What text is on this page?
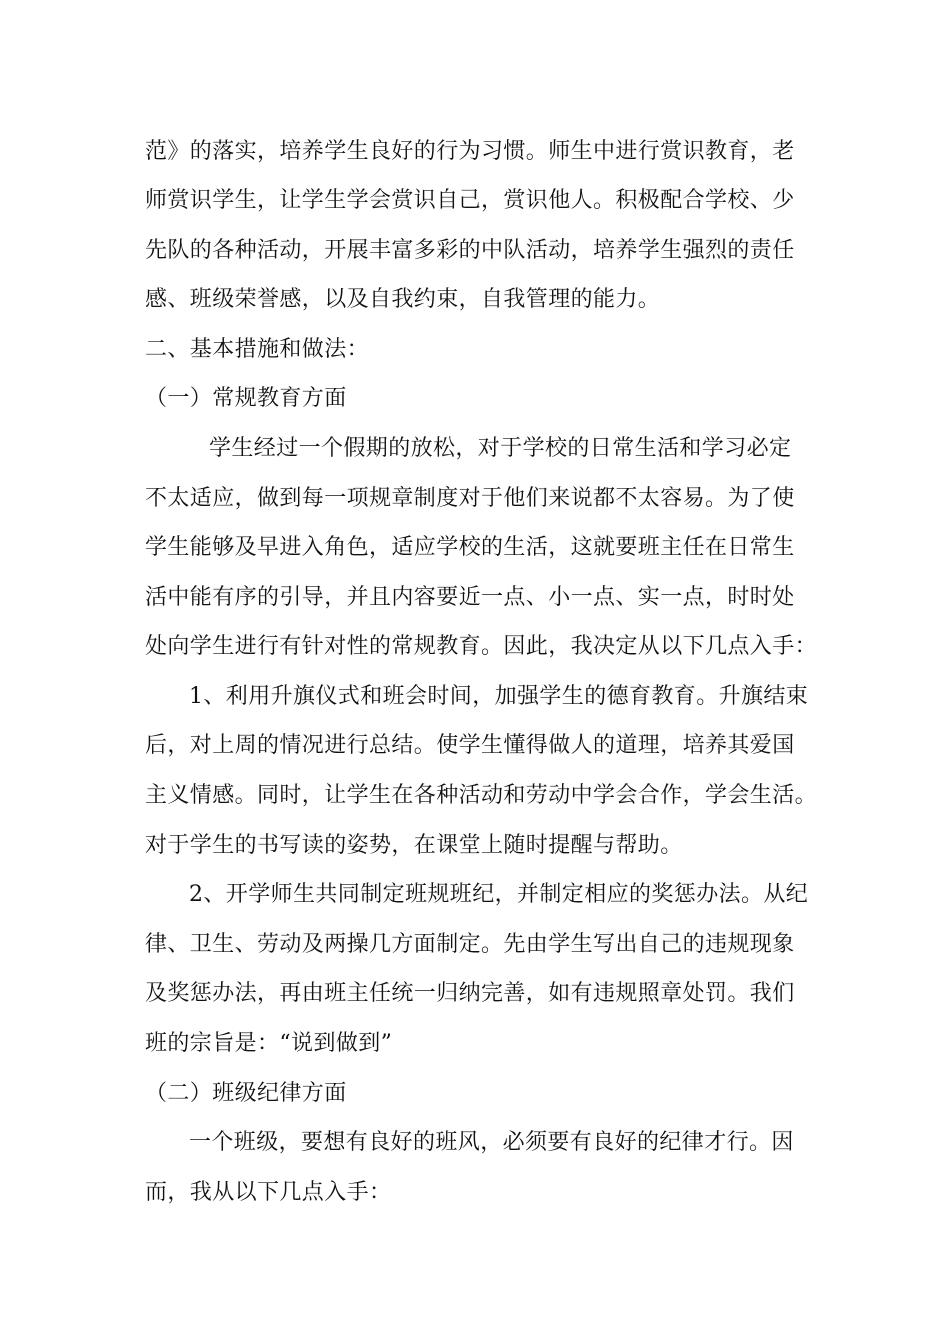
范》的落实，培养学生良好的行为习惯。师生中进行赏识教育，老
师赏识学生，让学生学会赏识自己，赏识他人。积极配合学校、少
先队的各种活动，开展丰富多彩的中队活动，培养学生强烈的责任
感、班级荣誉感，以及自我约束，自我管理的能力。
二、基本措施和做法：
（一）常规教育方面
学生经过一个假期的放松，对于学校的日常生活和学习必定
不太适应，做到每一项规章制度对于他们来说都不太容易。为了使
学生能够及早进入角色，适应学校的生活，这就要班主任在日常生
活中能有序的引导，并且内容要近一点、小一点、实一点，时时处
处向学生进行有针对性的常规教育。因此，我决定从以下几点入手：
1、利用升旗仪式和班会时间，加强学生的德育教育。升旗结束
后，对上周的情况进行总结。使学生懂得做人的道理，培养其爱国
主义情感。同时，让学生在各种活动和劳动中学会合作，学会生活。
对于学生的书写读的姿势，在课堂上随时提醒与帮助。
2、开学师生共同制定班规班纪，并制定相应的奖惩办法。从纪
律、卫生、劳动及两操几方面制定。先由学生写出自己的违规现象
及奖惩办法，再由班主任统一归纳完善，如有违规照章处罚。我们
班的宗旨是：“说到做到”
（二）班级纪律方面
一个班级，要想有良好的班风，必须要有良好的纪律才行。因
而，我从以下几点入手：
